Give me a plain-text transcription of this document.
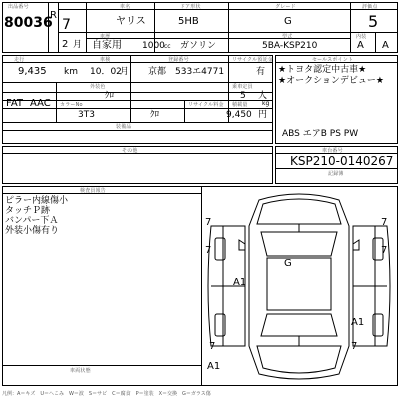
出品番号
80036
R
7
2 月
車名
ヤリス
ドア形状
5HB
グレード
G
評価点
5
車歴
自家用 1000 cc ガソリン
型式
5BA-KSP210
内装
A A
走行
9,435 km
車検
10．02
月
登録番号
京都　533エ4771
リサイクル預託金
有
外装色
ｸﾛ
乗車定員
5 人
積載量 kg
FAT AAC カラーNo
3T3	ｸﾛ
リサイクル料金
9,450 円
装備品
セールスポイント
★トヨタ認定中古車★
★オークションデビュー★
ABS エアB PS PW
その他	車台番号
KSP210-0140267
記録簿
検査員報告
ピラー内線傷小
タッチＰ跡
バンパー下Ａ
外装小傷有り
車両状態
7	7
7	7
G
A1
A1
7	7
A1
凡例：A＝キズ　U＝へこみ　W＝波　S＝サビ　C＝腐食　P＝塗装　X＝交換　G＝ガラス傷
